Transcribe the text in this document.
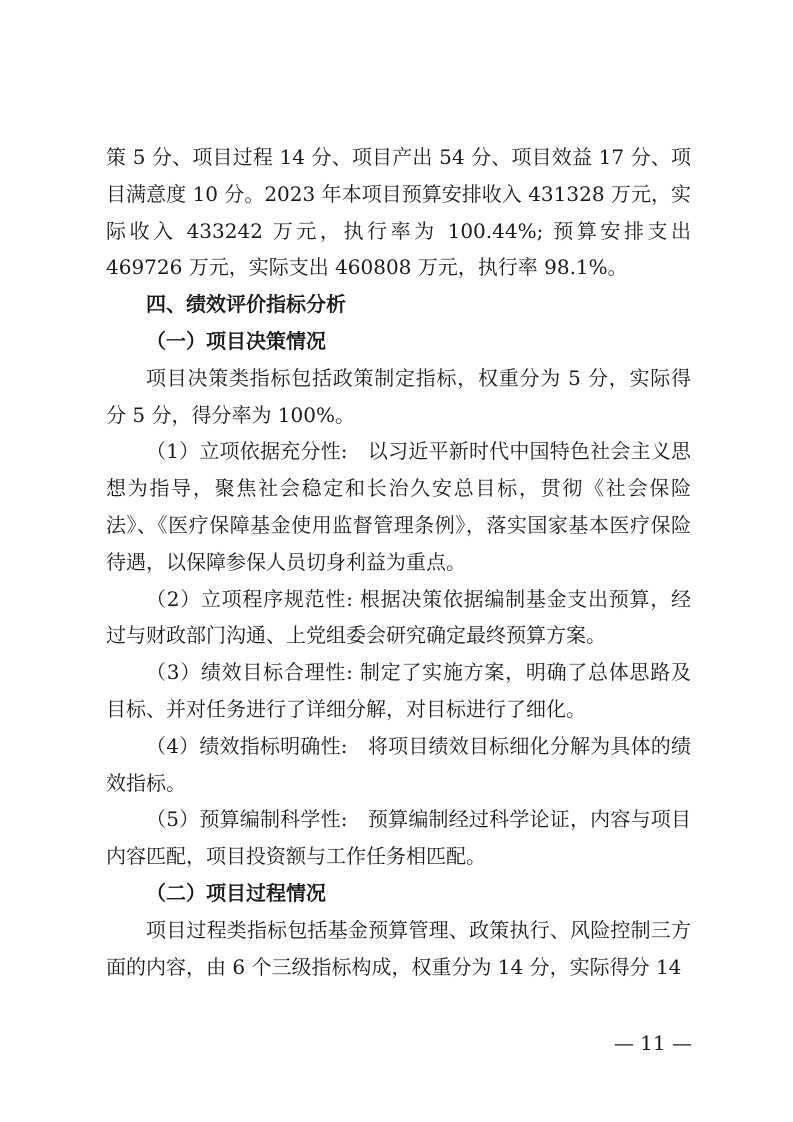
策 5 分、项目过程 14 分、项目产出 54 分、项目效益 17 分、项目满意度 10 分。2023 年本项目预算安排收入 431328 万元，实际收入 433242 万元，执行率为 100.44%; 预算安排支出 469726 万元，实际支出 460808 万元，执行率 98.1%。

四、绩效评价指标分析

（一）项目决策情况

项目决策类指标包括政策制定指标，权重分为 5 分，实际得分 5 分，得分率为 100%。

（1）立项依据充分性:　以习近平新时代中国特色社会主义思想为指导，聚焦社会稳定和长治久安总目标，贯彻《社会保险法》、《医疗保障基金使用监督管理条例》，落实国家基本医疗保险待遇，以保障参保人员切身利益为重点。

（2）立项程序规范性: 根据决策依据编制基金支出预算，经过与财政部门沟通、上党组委会研究确定最终预算方案。

（3）绩效目标合理性: 制定了实施方案，明确了总体思路及目标、并对任务进行了详细分解，对目标进行了细化。

（4）绩效指标明确性:　将项目绩效目标细化分解为具体的绩效指标。

（5）预算编制科学性:　预算编制经过科学论证，内容与项目内容匹配，项目投资额与工作任务相匹配。

（二）项目过程情况

项目过程类指标包括基金预算管理、政策执行、风险控制三方面的内容，由 6 个三级指标构成，权重分为 14 分，实际得分 14

— 11 —
